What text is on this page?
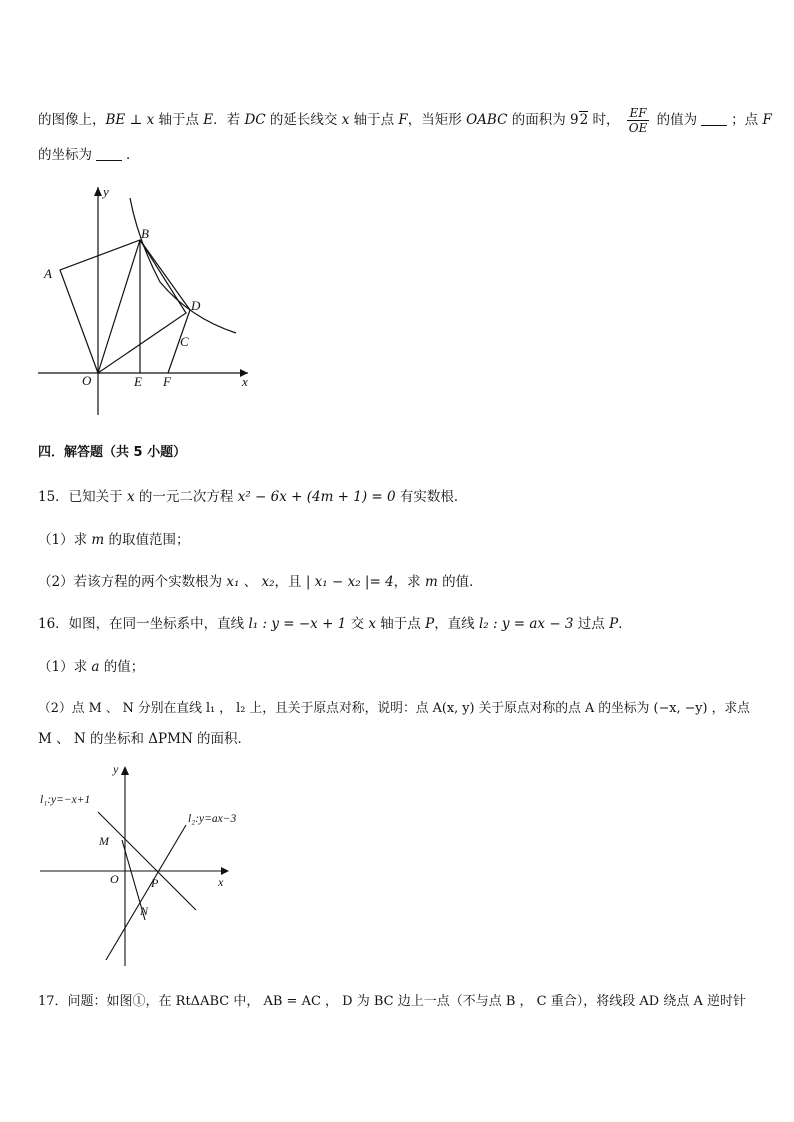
的图像上，BE ⊥ x 轴于点 E．若 DC 的延长线交 x 轴于点 F，当矩形 OABC 的面积为 92 时， $\frac{EF}{OE}$ 的值为	；点 F
的坐标为	．
y
B
A
D
C
O	E F	x
四．解答题（共 5 小题）
15．已知关于 x 的一元二次方程 x² − 6x + (4m + 1) = 0 有实数根．
（1）求 m 的取值范围；
（2）若该方程的两个实数根为 x₁ 、 x₂，且 | x₁ − x₂ |= 4，求 m 的值．
16．如图，在同一坐标系中，直线 l₁ : y = −x + 1 交 x 轴于点 P，直线 l₂ : y = ax − 3 过点 P．
（1）求 a 的值；
（2）点 M 、 N 分别在直线 l₁ ， l₂ 上，且关于原点对称，说明：点 A(x, y) 关于原点对称的点 A 的坐标为 (−x, −y) ，求点
M 、 N 的坐标和 ΔPMN 的面积．
y
l₁:y=−x+1
l₂:y=ax−3
M
O	P
N
x
17．问题：如图①，在 RtΔABC 中， AB = AC ， D 为 BC 边上一点（不与点 B ， C 重合），将线段 AD 绕点 A 逆时针
